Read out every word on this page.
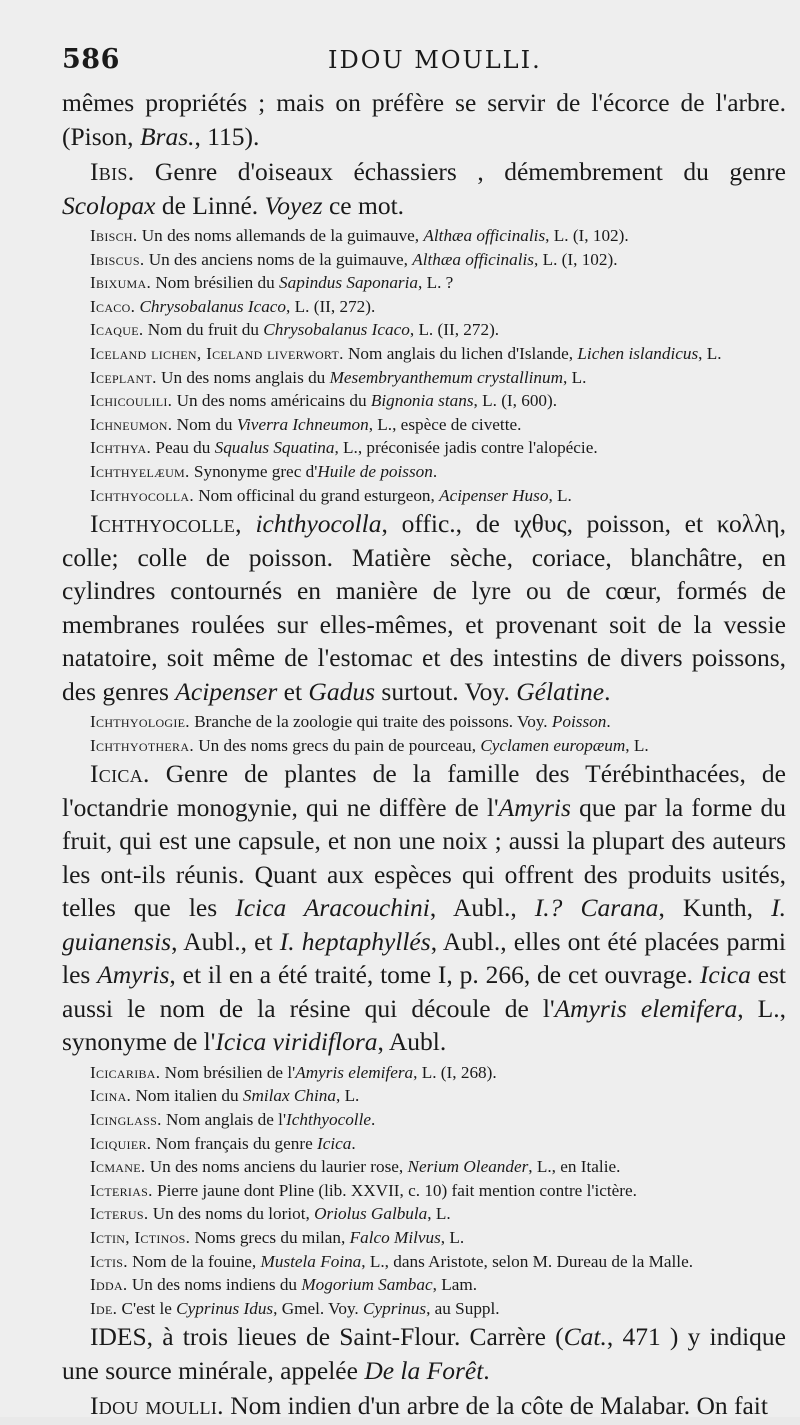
586	IDOU MOULLI.

mêmes propriétés ; mais on préfère se servir de l'écorce de l'arbre. (Pison, Bras., 115).

Ibis. Genre d'oiseaux échassiers , démembrement du genre Scolopax de Linné. Voyez ce mot.

Ibisch. Un des noms allemands de la guimauve, Althæa officinalis, L. (I, 102).

Ibiscus. Un des anciens noms de la guimauve, Althæa officinalis, L. (I, 102).

Ibixuma. Nom brésilien du Sapindus Saponaria, L. ?

Icaco. Chrysobalanus Icaco, L. (II, 272).

Icaque. Nom du fruit du Chrysobalanus Icaco, L. (II, 272).

Iceland lichen, Iceland liverwort. Nom anglais du lichen d'Islande, Lichen islandicus, L.

Iceplant. Un des noms anglais du Mesembryanthemum crystallinum, L.

Ichicoulili. Un des noms américains du Bignonia stans, L. (I, 600).

Ichneumon. Nom du Viverra Ichneumon, L., espèce de civette.

Ichthya. Peau du Squalus Squatina, L., préconisée jadis contre l'alopécie.

Ichthyelæum. Synonyme grec d'Huile de poisson.

Ichthyocolla. Nom officinal du grand esturgeon, Acipenser Huso, L.

Ichthyocolle, ichthyocolla, offic., de ιχθυς, poisson, et κολλη, colle; colle de poisson. Matière sèche, coriace, blanchâtre, en cylindres contournés en manière de lyre ou de cœur, formés de membranes roulées sur elles-mêmes, et provenant soit de la vessie natatoire, soit même de l'estomac et des intestins de divers poissons, des genres Acipenser et Gadus surtout. Voy. Gélatine.

Ichthyologie. Branche de la zoologie qui traite des poissons. Voy. Poisson.

Ichthyothera. Un des noms grecs du pain de pourceau, Cyclamen europæum, L.

Icica. Genre de plantes de la famille des Térébinthacées, de l'octandrie monogynie, qui ne diffère de l'Amyris que par la forme du fruit, qui est une capsule, et non une noix ; aussi la plupart des auteurs les ont-ils réunis. Quant aux espèces qui offrent des produits usités, telles que les Icica Aracouchini, Aubl., I.? Carana, Kunth, I. guianensis, Aubl., et I. heptaphyllés, Aubl., elles ont été placées parmi les Amyris, et il en a été traité, tome I, p. 266, de cet ouvrage. Icica est aussi le nom de la résine qui découle de l'Amyris elemifera, L., synonyme de l'Icica viridiflora, Aubl.

Icicariba. Nom brésilien de l'Amyris elemifera, L. (I, 268).

Icina. Nom italien du Smilax China, L.

Icinglass. Nom anglais de l'Ichthyocolle.

Iciquier. Nom français du genre Icica.

Icmane. Un des noms anciens du laurier rose, Nerium Oleander, L., en Italie.

Icterias. Pierre jaune dont Pline (lib. XXVII, c. 10) fait mention contre l'ictère.

Icterus. Un des noms du loriot, Oriolus Galbula, L.

Ictin, Ictinos. Noms grecs du milan, Falco Milvus, L.

Ictis. Nom de la fouine, Mustela Foina, L., dans Aristote, selon M. Dureau de la Malle.

Idda. Un des noms indiens du Mogorium Sambac, Lam.

Ide. C'est le Cyprinus Idus, Gmel. Voy. Cyprinus, au Suppl.

IDES, à trois lieues de Saint-Flour. Carrère (Cat., 471 ) y indique une source minérale, appelée De la Forêt.

Idou moulli. Nom indien d'un arbre de la côte de Malabar. On fait
